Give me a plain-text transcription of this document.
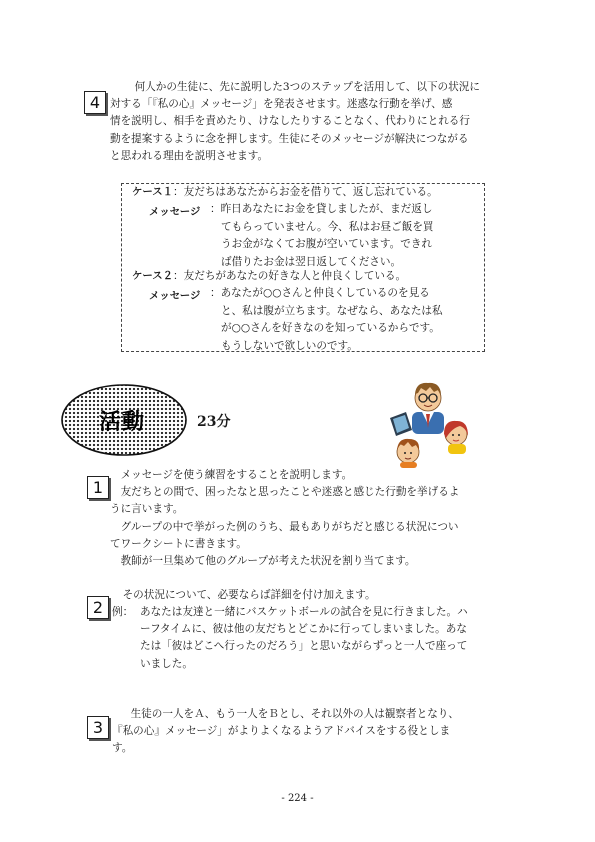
4
　何人かの生徒に、先に説明した3つのステップを活用して、以下の状況に
対する「『私の心』メッセージ」を発表させます。迷惑な行動を挙げ、感
情を説明し、相手を責めたり、けなしたりすることなく、代わりにとれる行
動を提案するように念を押します。生徒にそのメッセージが解決につながる
と思われる理由を説明させます。
ケース１：友だちはあなたからお金を借りて、返し忘れている。
メッセージ ：昨日あなたにお金を貸しましたが、まだ返し
てもらっていません。今、私はお昼ご飯を買
うお金がなくてお腹が空いています。できれ
ば借りたお金は翌日返してください。
ケース２：友だちがあなたの好きな人と仲良くしている。
メッセージ ：あなたが○○さんと仲良くしているのを見る
と、私は腹が立ちます。なぜなら、あなたは私
が○○さんを好きなのを知っているからです。
もうしないで欲しいのです。
活動	23分
1
　メッセージを使う練習をすることを説明します。
　友だちとの間で、困ったなと思ったことや迷惑と感じた行動を挙げるよ
うに言います。
　グループの中で挙がった例のうち、最もありがちだと感じる状況につい
てワークシートに書きます。
　教師が一旦集めて他のグループが考えた状況を割り当てます。
2
　その状況について、必要ならば詳細を付け加えます。
例： あなたは友達と一緒にバスケットボールの試合を見に行きました。ハ
ーフタイムに、彼は他の友だちとどこかに行ってしまいました。あな
たは「彼はどこへ行ったのだろう」と思いながらずっと一人で座って
いました。
3
　生徒の一人をＡ、もう一人をＢとし、それ以外の人は観察者となり、
『私の心』メッセージ」がよりよくなるようアドバイスをする役としま
す。
- 224 -
